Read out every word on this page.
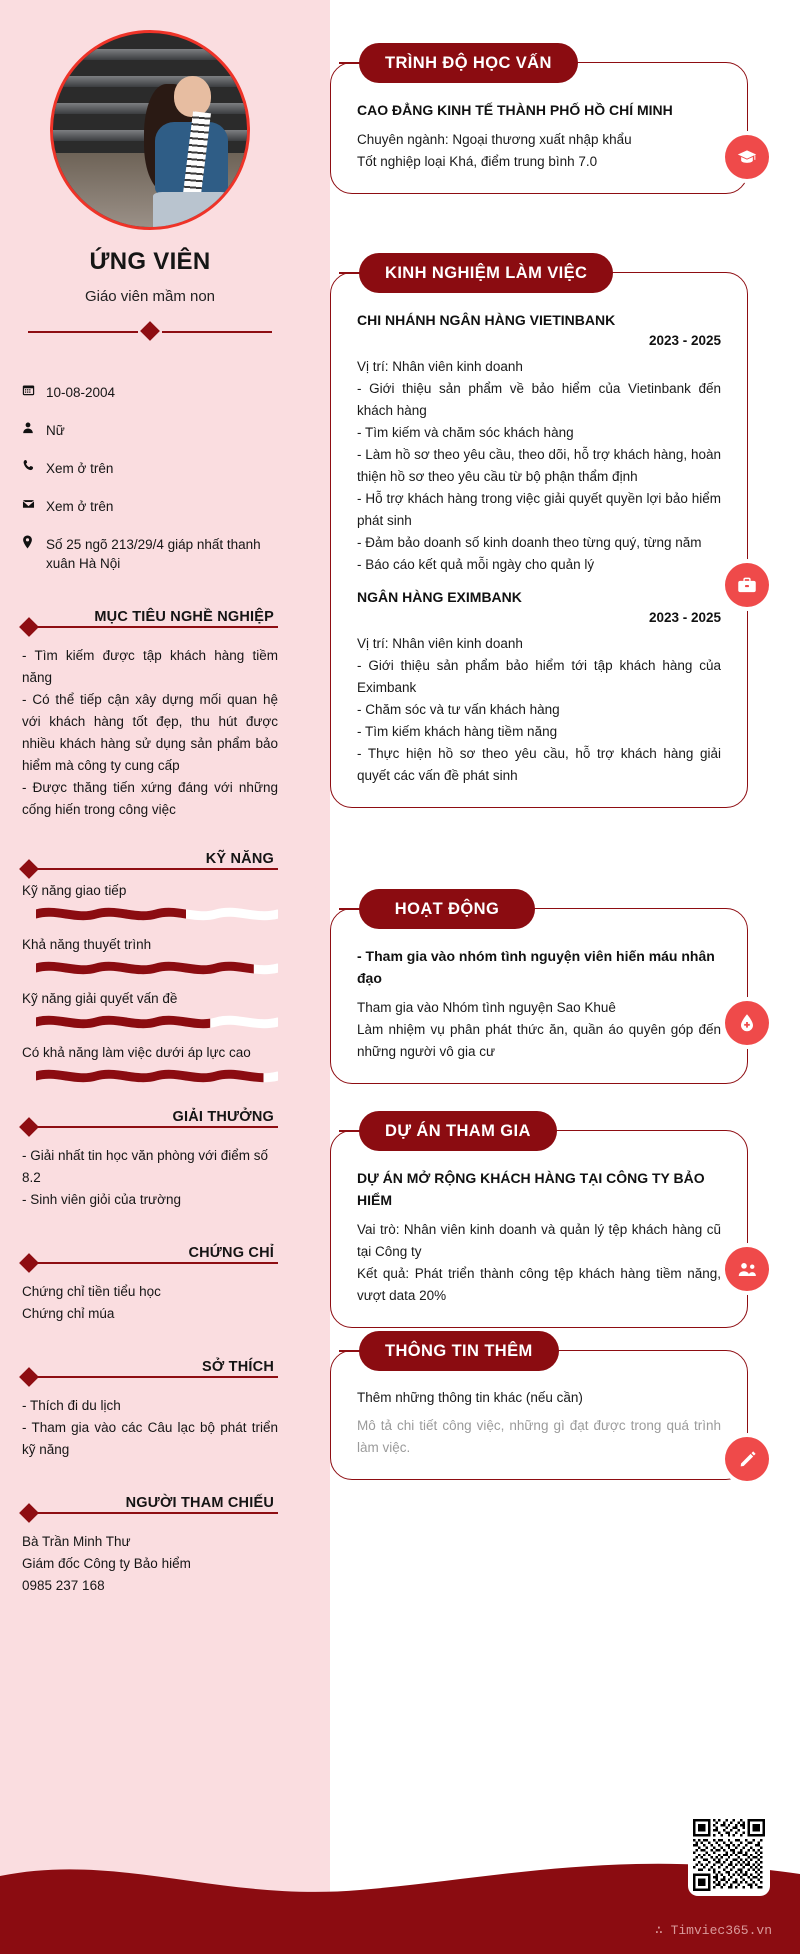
ỨNG VIÊN
Giáo viên mầm non
10-08-2004
Nữ
Xem ở trên
Xem ở trên
Số 25 ngõ 213/29/4 giáp nhất thanh xuân Hà Nội
MỤC TIÊU NGHỀ NGHIỆP
- Tìm kiếm được tập khách hàng tiềm năng
- Có thể tiếp cận xây dựng mối quan hệ với khách hàng tốt đẹp, thu hút được nhiều khách hàng sử dụng sản phẩm bảo hiểm mà công ty cung cấp
- Được thăng tiến xứng đáng với những cống hiến trong công việc
KỸ NĂNG
Kỹ năng giao tiếp
Khả năng thuyết trình
Kỹ năng giải quyết vấn đề
Có khả năng làm việc dưới áp lực cao
GIẢI THƯỞNG
- Giải nhất tin học văn phòng với điểm số 8.2
- Sinh viên giỏi của trường
CHỨNG CHỈ
Chứng chỉ tiền tiểu học
Chứng chỉ múa
SỞ THÍCH
- Thích đi du lịch
- Tham gia vào các Câu lạc bộ phát triển kỹ năng
NGƯỜI THAM CHIẾU
Bà Trần Minh Thư
Giám đốc Công ty Bảo hiểm
0985 237 168
TRÌNH ĐỘ HỌC VẤN
CAO ĐẲNG KINH TẾ THÀNH PHỐ HỒ CHÍ MINH
Chuyên ngành: Ngoại thương xuất nhập khẩu
Tốt nghiệp loại Khá, điểm trung bình 7.0
KINH NGHIỆM LÀM VIỆC
CHI NHÁNH NGÂN HÀNG VIETINBANK
2023 - 2025
Vị trí: Nhân viên kinh doanh
- Giới thiệu sản phẩm về bảo hiểm của Vietinbank đến khách hàng
- Tìm kiếm và chăm sóc khách hàng
- Làm hồ sơ theo yêu cầu, theo dõi, hỗ trợ khách hàng, hoàn thiện hồ sơ theo yêu cầu từ bộ phận thẩm định
- Hỗ trợ khách hàng trong việc giải quyết quyền lợi bảo hiểm phát sinh
- Đảm bảo doanh số kinh doanh theo từng quý, từng năm
- Báo cáo kết quả mỗi ngày cho quản lý
NGÂN HÀNG EXIMBANK
2023 - 2025
Vị trí: Nhân viên kinh doanh
- Giới thiệu sản phẩm bảo hiểm tới tập khách hàng của Eximbank
- Chăm sóc và tư vấn khách hàng
- Tìm kiếm khách hàng tiềm năng
- Thực hiện hồ sơ theo yêu cầu, hỗ trợ khách hàng giải quyết các vấn đề phát sinh
HOẠT ĐỘNG
- Tham gia vào nhóm tình nguyện viên hiến máu nhân đạo
Tham gia vào Nhóm tình nguyện Sao Khuê
Làm nhiệm vụ phân phát thức ăn, quần áo quyên góp đến những người vô gia cư
DỰ ÁN THAM GIA
DỰ ÁN MỞ RỘNG KHÁCH HÀNG TẠI CÔNG TY BẢO HIỂM
Vai trò: Nhân viên kinh doanh và quản lý tệp khách hàng cũ tại Công ty
Kết quả: Phát triển thành công tệp khách hàng tiềm năng, vượt data 20%
THÔNG TIN THÊM
Thêm những thông tin khác (nếu cần)
Mô tả chi tiết công việc, những gì đạt được trong quá trình làm việc.
∴ Timviec365.vn
